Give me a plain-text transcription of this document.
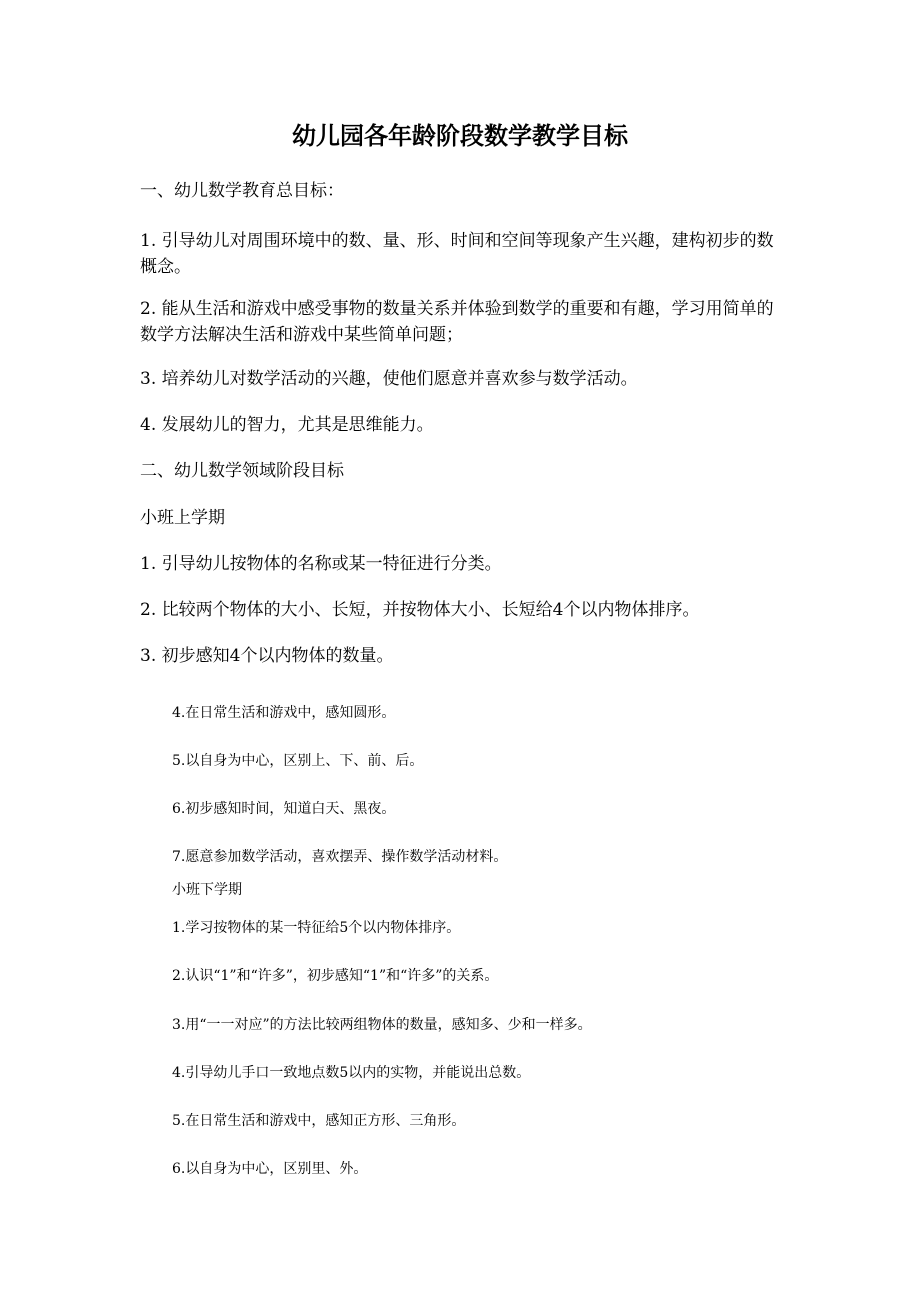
幼儿园各年龄阶段数学教学目标

一、幼儿数学教育总目标：

1. 引导幼儿对周围环境中的数、量、形、时间和空间等现象产生兴趣，建构初步的数概念。

2. 能从生活和游戏中感受事物的数量关系并体验到数学的重要和有趣，学习用简单的数学方法解决生活和游戏中某些简单问题；

3. 培养幼儿对数学活动的兴趣，使他们愿意并喜欢参与数学活动。

4. 发展幼儿的智力，尤其是思维能力。

二、幼儿数学领域阶段目标

小班上学期

1. 引导幼儿按物体的名称或某一特征进行分类。

2. 比较两个物体的大小、长短，并按物体大小、长短给4个以内物体排序。

3. 初步感知4个以内物体的数量。

4.在日常生活和游戏中，感知圆形。

5.以自身为中心，区别上、下、前、后。

6.初步感知时间，知道白天、黑夜。

7.愿意参加数学活动，喜欢摆弄、操作数学活动材料。

小班下学期

1.学习按物体的某一特征给5个以内物体排序。

2.认识“1”和“许多”，初步感知“1”和“许多”的关系。

3.用“一一对应”的方法比较两组物体的数量，感知多、少和一样多。

4.引导幼儿手口一致地点数5以内的实物，并能说出总数。

5.在日常生活和游戏中，感知正方形、三角形。

6.以自身为中心，区别里、外。
